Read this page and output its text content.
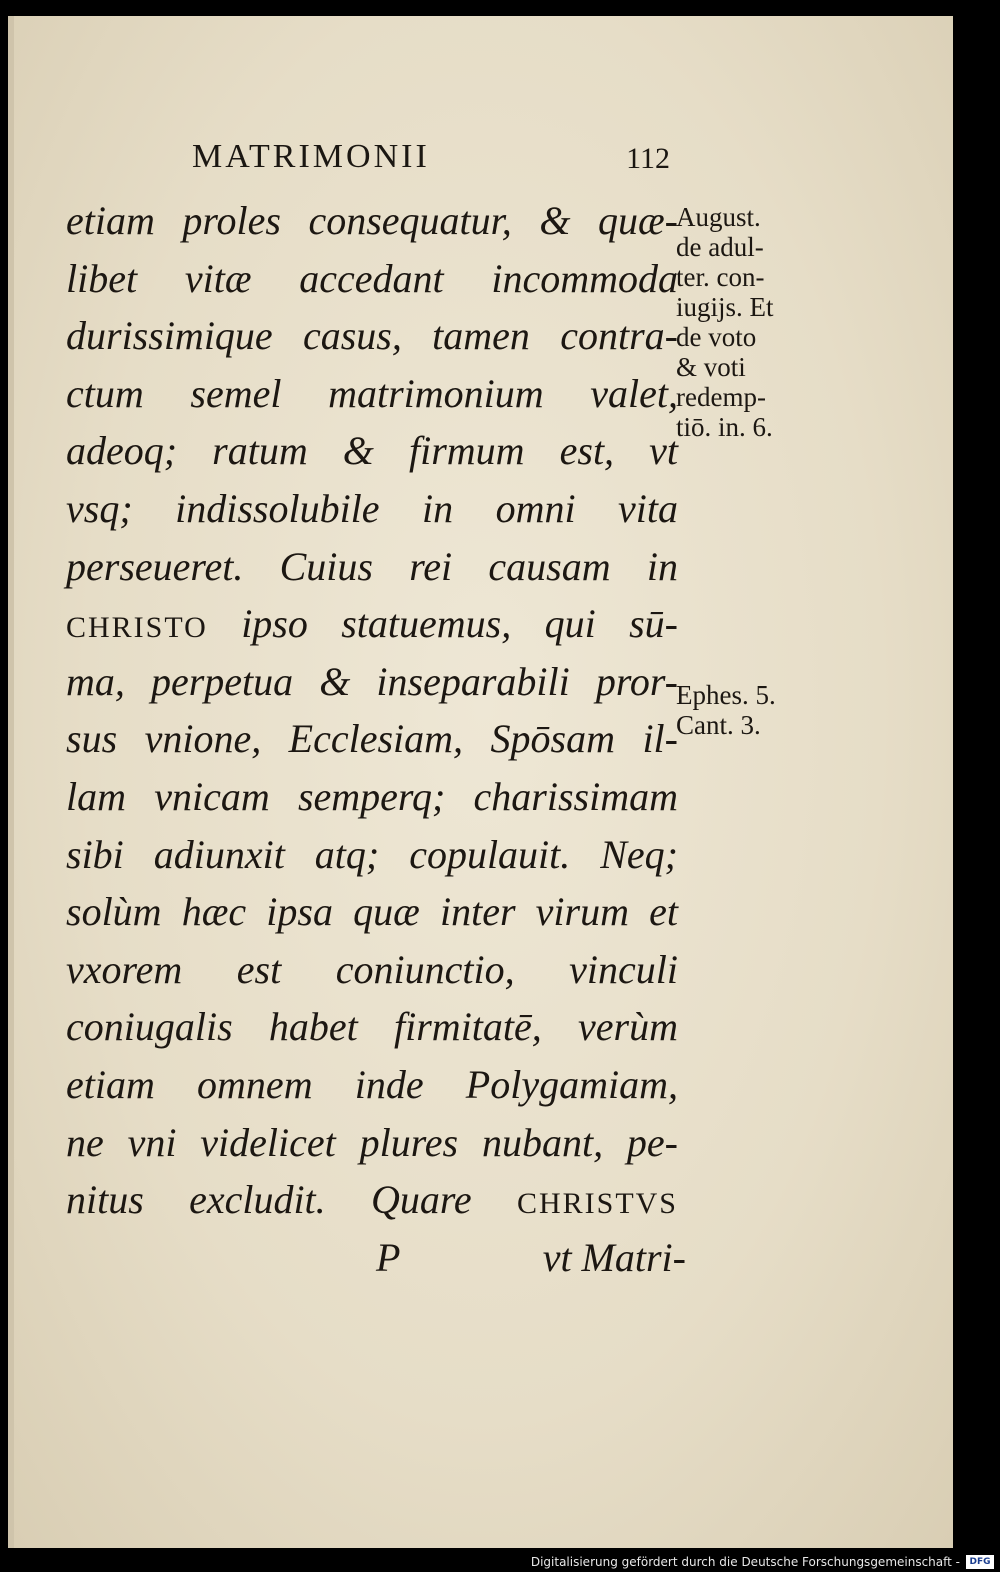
MATRIMONII	112
etiam proles consequatur, & quæ-
libet vitæ accedant incommoda
durissimique casus, tamen contra-
ctum semel matrimonium valet,
adeoq; ratum & firmum est, vt
vsq; indissolubile in omni vita
perseueret. Cuius rei causam in
CHRISTO ipso statuemus, qui sū-
ma, perpetua & inseparabili pror-
sus vnione, Ecclesiam, Spōsam il-
lam vnicam semperq; charissimam
sibi adiunxit atq; copulauit. Neq;
solùm hæc ipsa quæ inter virum et
vxorem est coniunctio, vinculi
coniugalis habet firmitatē, verùm
etiam omnem inde Polygamiam,
ne vni videlicet plures nubant, pe-
nitus excludit. Quare CHRISTVS
P	vt Matri-
August.
de adul-
ter. con-
iugijs. Et
de voto
& voti
redemp-
tiō. in. 6.
Ephes. 5.
Cant. 3.
Digitalisierung gefördert durch die Deutsche Forschungsgemeinschaft -	DFG
